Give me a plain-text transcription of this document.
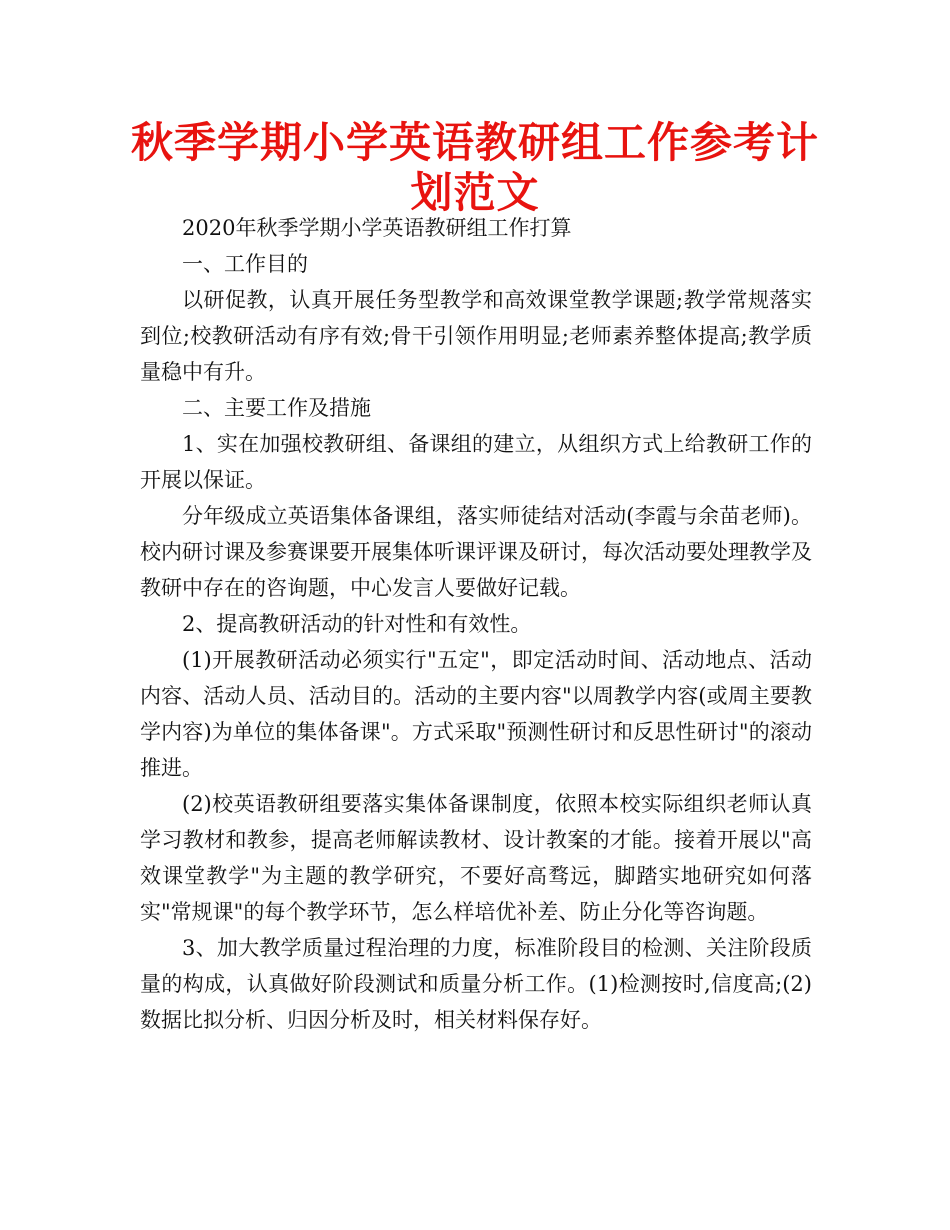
秋季学期小学英语教研组工作参考计划范文

2020年秋季学期小学英语教研组工作打算

一、工作目的

以研促教，认真开展任务型教学和高效课堂教学课题;教学常规落实到位;校教研活动有序有效;骨干引领作用明显;老师素养整体提高;教学质量稳中有升。

二、主要工作及措施

1、实在加强校教研组、备课组的建立，从组织方式上给教研工作的开展以保证。

分年级成立英语集体备课组，落实师徒结对活动(李霞与余苗老师)。校内研讨课及参赛课要开展集体听课评课及研讨，每次活动要处理教学及教研中存在的咨询题，中心发言人要做好记载。

2、提高教研活动的针对性和有效性。

(1)开展教研活动必须实行"五定"，即定活动时间、活动地点、活动内容、活动人员、活动目的。活动的主要内容"以周教学内容(或周主要教学内容)为单位的集体备课"。方式采取"预测性研讨和反思性研讨"的滚动推进。

(2)校英语教研组要落实集体备课制度，依照本校实际组织老师认真学习教材和教参，提高老师解读教材、设计教案的才能。接着开展以"高效课堂教学"为主题的教学研究，不要好高骛远，脚踏实地研究如何落实"常规课"的每个教学环节，怎么样培优补差、防止分化等咨询题。

3、加大教学质量过程治理的力度，标准阶段目的检测、关注阶段质量的构成，认真做好阶段测试和质量分析工作。(1)检测按时,信度高;(2)数据比拟分析、归因分析及时，相关材料保存好。
